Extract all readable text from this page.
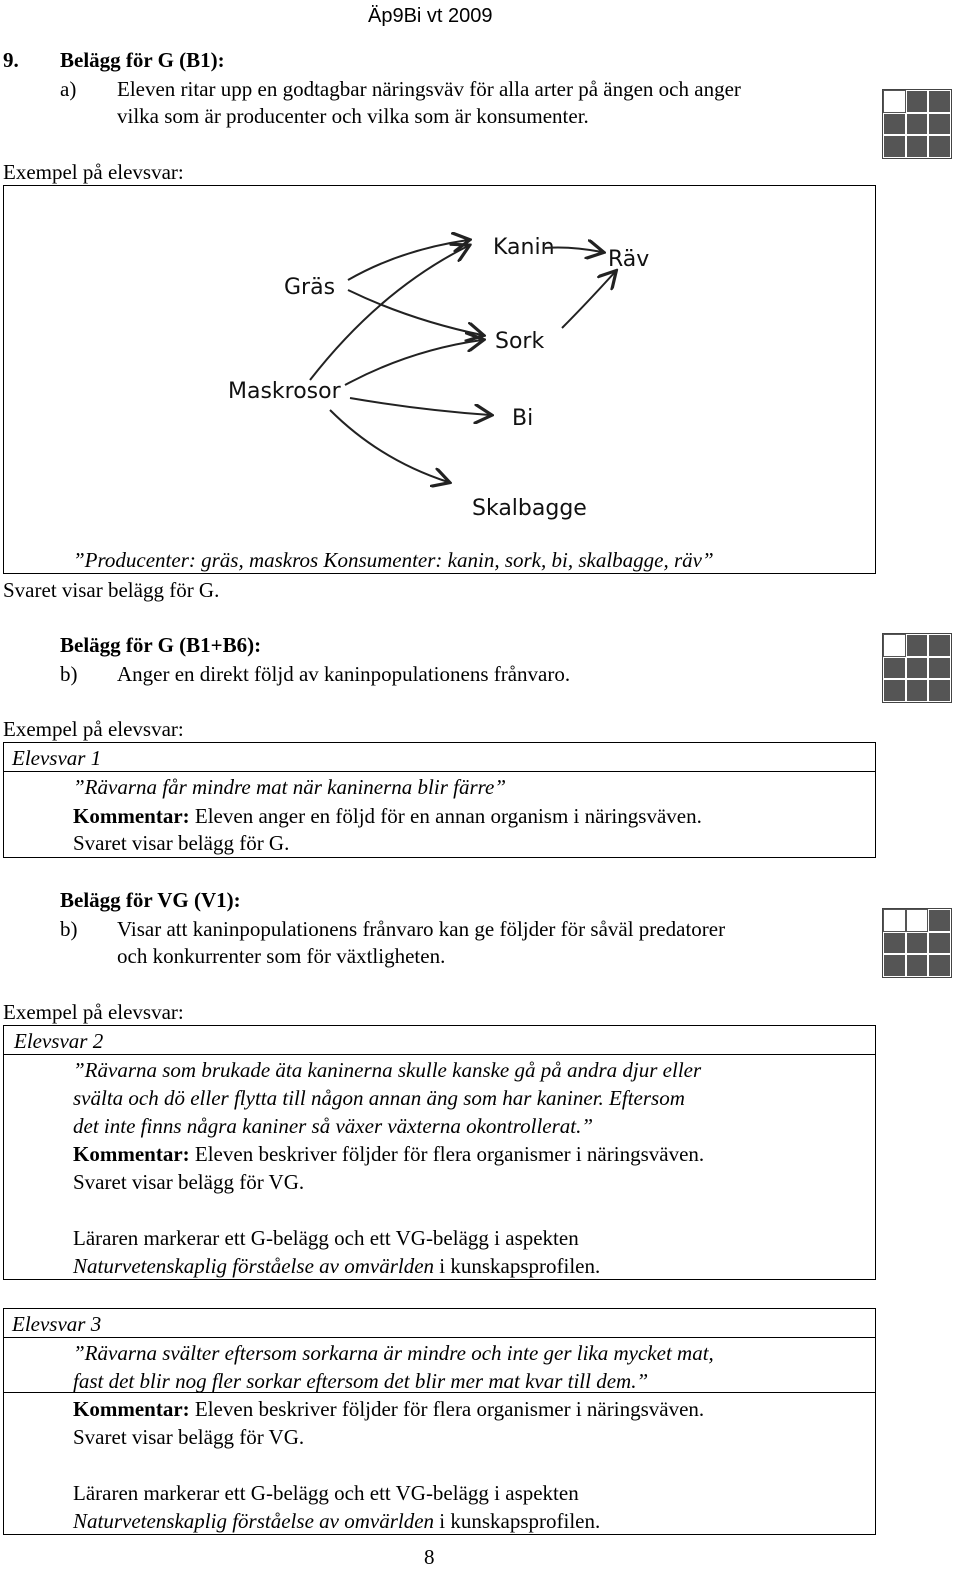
Äp9Bi vt 2009
9. Belägg för G (B1):
a) Eleven ritar upp en godtagbar näringsväv för alla arter på ängen och anger
vilka som är producenter och vilka som är konsumenter.
Exempel på elevsvar:
Gräs
Maskrosor
Kanin Räv
Sork
Bi
Skalbagge
”Producenter: gräs, maskros Konsumenter: kanin, sork, bi, skalbagge, räv”
Svaret visar belägg för G.
Belägg för G (B1+B6):
b) Anger en direkt följd av kaninpopulationens frånvaro.
Exempel på elevsvar:
Elevsvar 1
”Rävarna får mindre mat när kaninerna blir färre”
Kommentar: Eleven anger en följd för en annan organism i näringsväven.
Svaret visar belägg för G.
Belägg för VG (V1):
b) Visar att kaninpopulationens frånvaro kan ge följder för såväl predatorer
och konkurrenter som för växtligheten.
Exempel på elevsvar:
Elevsvar 2
”Rävarna som brukade äta kaninerna skulle kanske gå på andra djur eller
svälta och dö eller flytta till någon annan äng som har kaniner. Eftersom
det inte finns några kaniner så växer växterna okontrollerat.”
Kommentar: Eleven beskriver följder för flera organismer i näringsväven.
Svaret visar belägg för VG.
Läraren markerar ett G-belägg och ett VG-belägg i aspekten
Naturvetenskaplig förståelse av omvärlden i kunskapsprofilen.
Elevsvar 3
”Rävarna svälter eftersom sorkarna är mindre och inte ger lika mycket mat,
fast det blir nog fler sorkar eftersom det blir mer mat kvar till dem.”
Kommentar: Eleven beskriver följder för flera organismer i näringsväven.
Svaret visar belägg för VG.
Läraren markerar ett G-belägg och ett VG-belägg i aspekten
Naturvetenskaplig förståelse av omvärlden i kunskapsprofilen.
8
